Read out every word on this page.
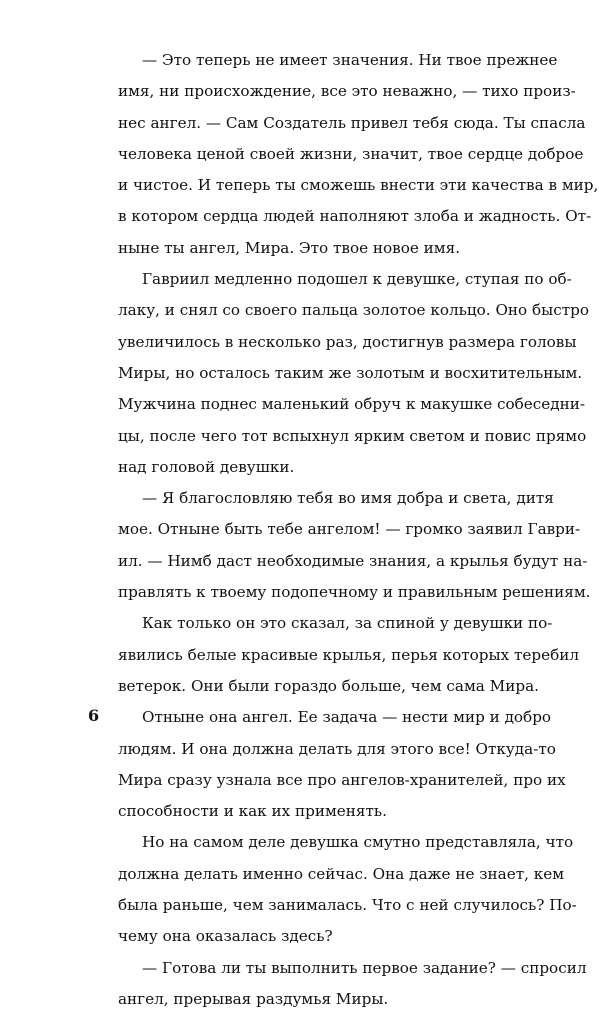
— Это теперь не имеет значения. Ни твое прежнее
имя, ни происхождение, все это неважно, — тихо произ-
нес ангел. — Сам Создатель привел тебя сюда. Ты спасла
человека ценой своей жизни, значит, твое сердце доброе
и чистое. И теперь ты сможешь внести эти качества в мир,
в котором сердца людей наполняют злоба и жадность. От-
ныне ты ангел, Мира. Это твое новое имя.
Гавриил медленно подошел к девушке, ступая по об-
лаку, и снял со своего пальца золотое кольцо. Оно быстро
увеличилось в несколько раз, достигнув размера головы
Миры, но осталось таким же золотым и восхитительным.
Мужчина поднес маленький обруч к макушке собеседни-
цы, после чего тот вспыхнул ярким светом и повис прямо
над головой девушки.
— Я благословляю тебя во имя добра и света, дитя
мое. Отныне быть тебе ангелом! — громко заявил Гаври-
ил. — Нимб даст необходимые знания, а крылья будут на-
правлять к твоему подопечному и правильным решениям.
Как только он это сказал, за спиной у девушки по-
явились белые красивые крылья, перья которых теребил
ветерок. Они были гораздо больше, чем сама Мира.
Отныне она ангел. Ее задача — нести мир и добро
людям. И она должна делать для этого все! Откуда-то
Мира сразу узнала все про ангелов-хранителей, про их
способности и как их применять.
Но на самом деле девушка смутно представляла, что
должна делать именно сейчас. Она даже не знает, кем
была раньше, чем занималась. Что с ней случилось? По-
чему она оказалась здесь?
— Готова ли ты выполнить первое задание? — спросил
ангел, прерывая раздумья Миры.
6
